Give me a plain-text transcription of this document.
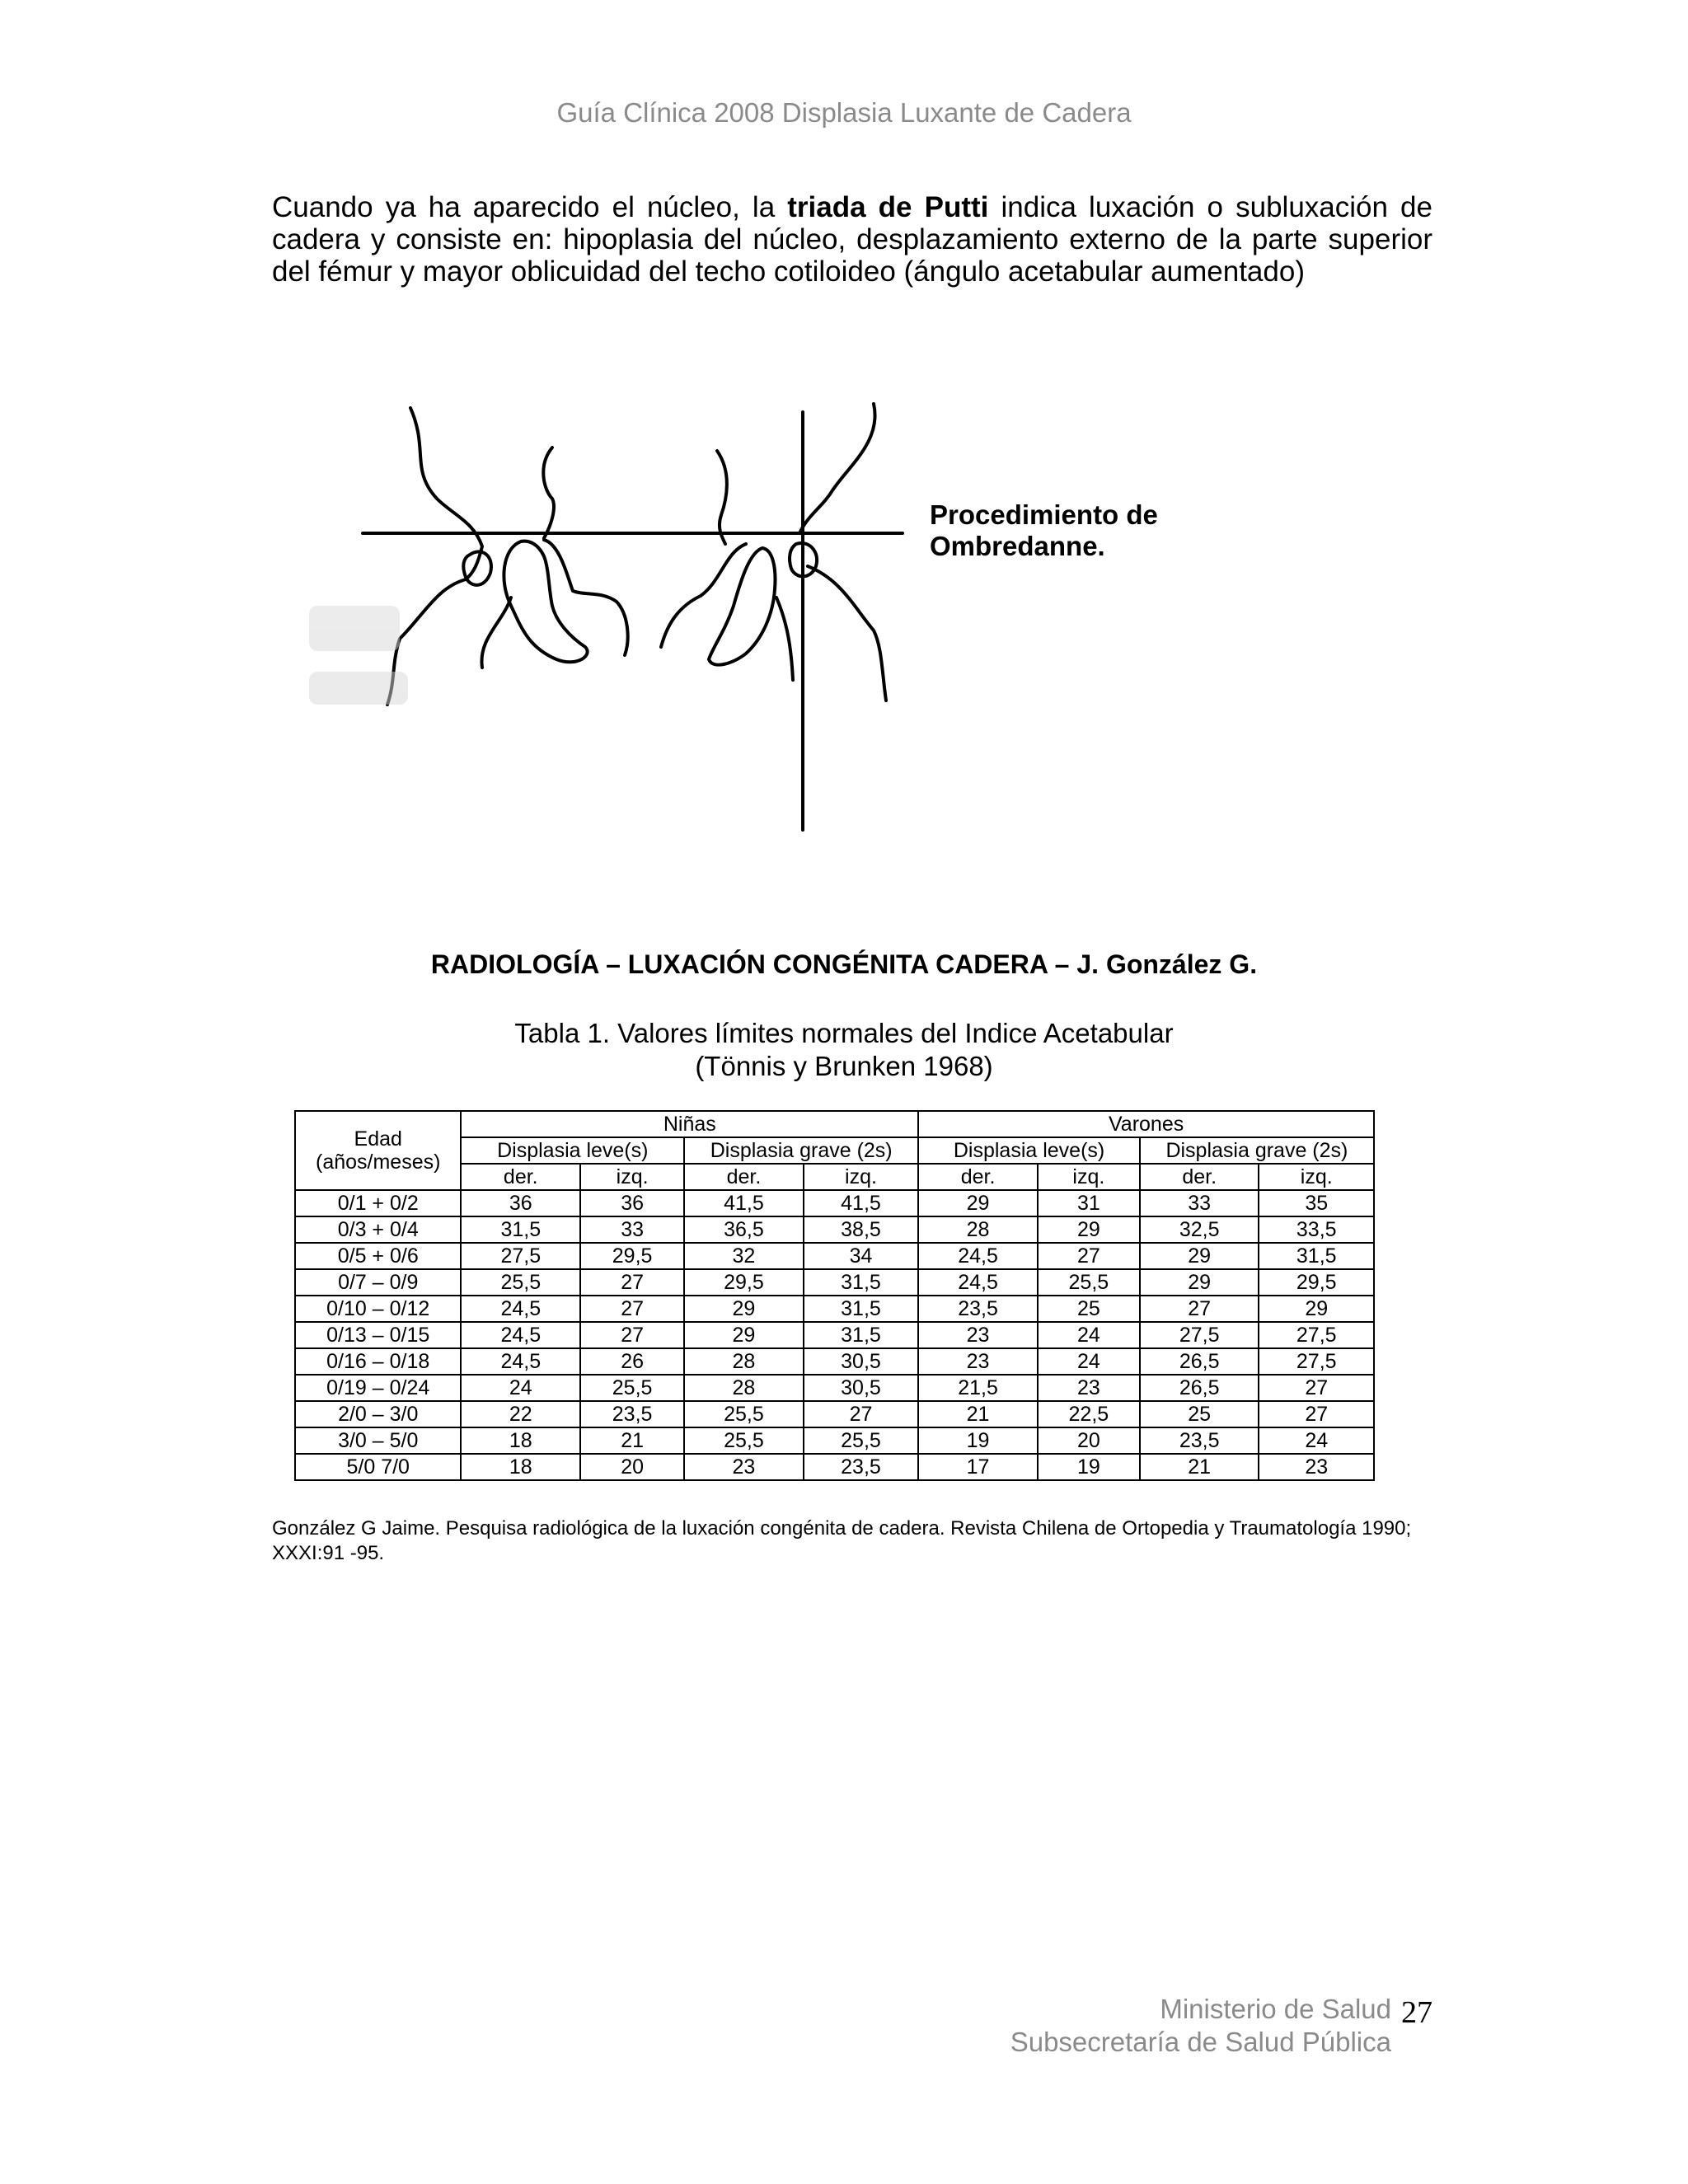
Guía Clínica 2008 Displasia Luxante de Cadera

Cuando ya ha aparecido el núcleo, la triada de Putti indica luxación o subluxación de cadera y consiste en: hipoplasia del núcleo, desplazamiento externo de la parte superior del fémur y mayor oblicuidad del techo cotiloideo (ángulo acetabular aumentado)

Procedimiento de
Ombredanne.
RADIOLOGÍA – LUXACIÓN CONGÉNITA CADERA – J. González G.
Tabla 1. Valores límites normales del Indice Acetabular
(Tönnis y Brunken 1968)
Edad
(años/meses)	Niñas				Varones			
	Displasia leve(s)		Displasia grave (2s)		Displasia leve(s)		Displasia grave (2s)	
	der.	izq.	der.	izq.	der.	izq.	der.	izq.
0/1 + 0/2	36	36	41,5	41,5	29	31	33	35
0/3 + 0/4	31,5	33	36,5	38,5	28	29	32,5	33,5
0/5 + 0/6	27,5	29,5	32	34	24,5	27	29	31,5
0/7 – 0/9	25,5	27	29,5	31,5	24,5	25,5	29	29,5
0/10 – 0/12	24,5	27	29	31,5	23,5	25	27	29
0/13 – 0/15	24,5	27	29	31,5	23	24	27,5	27,5
0/16 – 0/18	24,5	26	28	30,5	23	24	26,5	27,5
0/19 – 0/24	24	25,5	28	30,5	21,5	23	26,5	27
2/0 – 3/0	22	23,5	25,5	27	21	22,5	25	27
3/0 – 5/0	18	21	25,5	25,5	19	20	23,5	24
5/0 7/0	18	20	23	23,5	17	19	21	23

González G Jaime. Pesquisa radiológica de la luxación congénita de cadera. Revista Chilena de Ortopedia y Traumatología 1990; XXXI:91 -95.

Ministerio de Salud
Subsecretaría de Salud Pública
27
